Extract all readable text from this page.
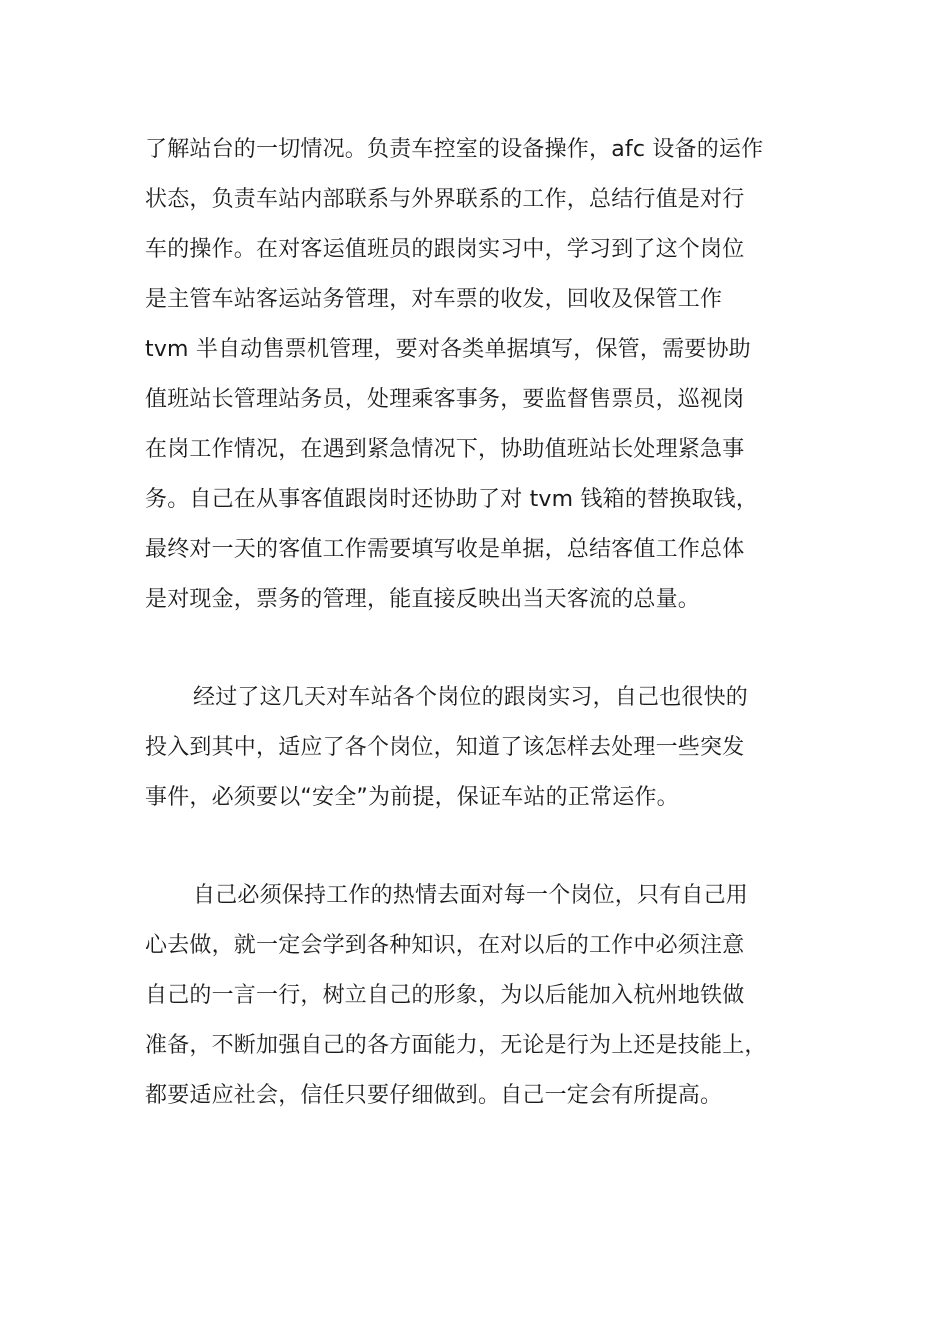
了解站台的一切情况。负责车控室的设备操作，afc 设备的运作
状态，负责车站内部联系与外界联系的工作，总结行值是对行
车的操作。在对客运值班员的跟岗实习中，学习到了这个岗位
是主管车站客运站务管理，对车票的收发，回收及保管工作
tvm 半自动售票机管理，要对各类单据填写，保管，需要协助
值班站长管理站务员，处理乘客事务，要监督售票员，巡视岗
在岗工作情况，在遇到紧急情况下，协助值班站长处理紧急事
务。自己在从事客值跟岗时还协助了对 tvm 钱箱的替换取钱，
最终对一天的客值工作需要填写收是单据，总结客值工作总体
是对现金，票务的管理，能直接反映出当天客流的总量。
经过了这几天对车站各个岗位的跟岗实习，自己也很快的
投入到其中，适应了各个岗位，知道了该怎样去处理一些突发
事件，必须要以“安全”为前提，保证车站的正常运作。
自己必须保持工作的热情去面对每一个岗位，只有自己用
心去做，就一定会学到各种知识，在对以后的工作中必须注意
自己的一言一行，树立自己的形象，为以后能加入杭州地铁做
准备，不断加强自己的各方面能力，无论是行为上还是技能上，
都要适应社会，信任只要仔细做到。自己一定会有所提高。
